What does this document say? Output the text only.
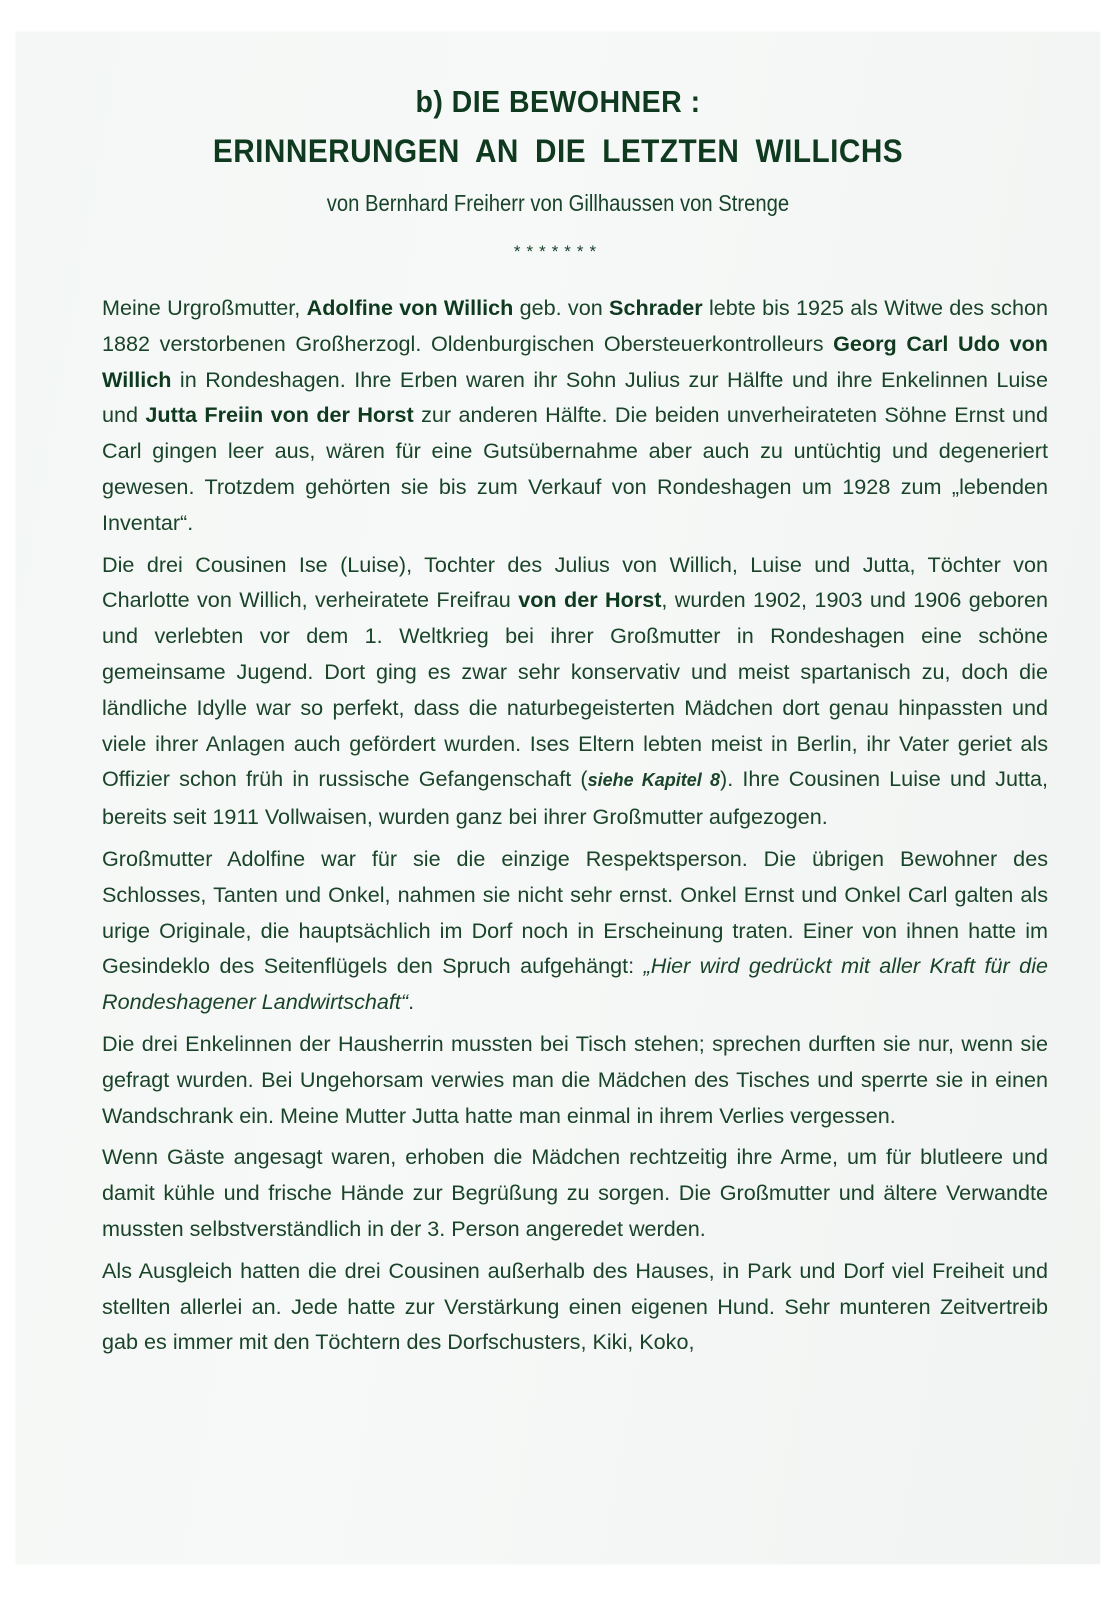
b) DIE BEWOHNER :
ERINNERUNGEN AN DIE LETZTEN WILLICHS
von Bernhard Freiherr von Gillhaussen von Strenge
*******

Meine Urgroßmutter, Adolfine von Willich geb. von Schrader lebte bis 1925 als Witwe des schon 1882 verstorbenen Großherzogl. Oldenburgischen Obersteuerkontrolleurs Georg Carl Udo von Willich in Rondeshagen. Ihre Erben waren ihr Sohn Julius zur Hälfte und ihre Enkelinnen Luise und Jutta Freiin von der Horst zur anderen Hälfte. Die beiden unverheirateten Söhne Ernst und Carl gingen leer aus, wären für eine Gutsübernahme aber auch zu untüchtig und degeneriert gewesen. Trotzdem gehörten sie bis zum Verkauf von Rondeshagen um 1928 zum „lebenden Inventar“.

Die drei Cousinen Ise (Luise), Tochter des Julius von Willich, Luise und Jutta, Töchter von Charlotte von Willich, verheiratete Freifrau von der Horst, wurden 1902, 1903 und 1906 geboren und verlebten vor dem 1. Weltkrieg bei ihrer Großmutter in Rondeshagen eine schöne gemeinsame Jugend. Dort ging es zwar sehr konservativ und meist spartanisch zu, doch die ländliche Idylle war so perfekt, dass die naturbegeisterten Mädchen dort genau hinpassten und viele ihrer Anlagen auch gefördert wurden. Ises Eltern lebten meist in Berlin, ihr Vater geriet als Offizier schon früh in russische Gefangenschaft (siehe Kapitel 8). Ihre Cousinen Luise und Jutta, bereits seit 1911 Vollwaisen, wurden ganz bei ihrer Großmutter aufgezogen.

Großmutter Adolfine war für sie die einzige Respektsperson. Die übrigen Bewohner des Schlosses, Tanten und Onkel, nahmen sie nicht sehr ernst. Onkel Ernst und Onkel Carl galten als urige Originale, die hauptsächlich im Dorf noch in Erscheinung traten. Einer von ihnen hatte im Gesindeklo des Seitenflügels den Spruch aufgehängt: „Hier wird gedrückt mit aller Kraft für die Rondeshagener Landwirtschaft“.

Die drei Enkelinnen der Hausherrin mussten bei Tisch stehen; sprechen durften sie nur, wenn sie gefragt wurden. Bei Ungehorsam verwies man die Mädchen des Tisches und sperrte sie in einen Wandschrank ein. Meine Mutter Jutta hatte man einmal in ihrem Verlies vergessen.

Wenn Gäste angesagt waren, erhoben die Mädchen rechtzeitig ihre Arme, um für blutleere und damit kühle und frische Hände zur Begrüßung zu sorgen. Die Großmutter und ältere Verwandte mussten selbstverständlich in der 3. Person angeredet werden.

Als Ausgleich hatten die drei Cousinen außerhalb des Hauses, in Park und Dorf viel Freiheit und stellten allerlei an. Jede hatte zur Verstärkung einen eigenen Hund. Sehr munteren Zeitvertreib gab es immer mit den Töchtern des Dorfschusters, Kiki, Koko,
